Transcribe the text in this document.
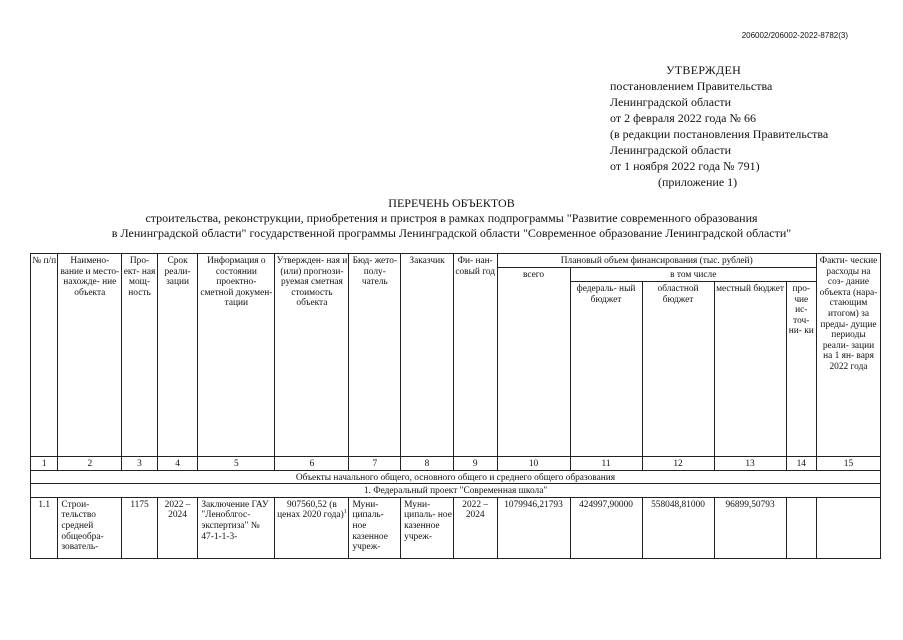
206002/206002-2022-8782(3)
УТВЕРЖДЕН
постановлением Правительства
Ленинградской области
от 2 февраля 2022 года № 66
(в редакции постановления Правительства
Ленинградской области
от 1 ноября 2022 года № 791)
(приложение 1)
ПЕРЕЧЕНЬ ОБЪЕКТОВ
строительства, реконструкции, приобретения и пристроя в рамках подпрограммы "Развитие современного образования
в Ленинградской области" государственной программы Ленинградской области "Современное образование Ленинградской области"
№ п/п	Наимено- вание и место- нахожде- ние объекта	Про- ект- ная мощ- ность	Срок реали- зации	Информация о состоянии проектно- сметной докумен- тации	Утвержден- ная и (или) прогнози- руемая сметная стоимость объекта	Бюд- жето- полу- чатель	Заказчик	Фи- нан- совый год	Плановый объем финансирования (тыс. рублей)					Факти- ческие расходы на соз- дание объекта (нара- стающим итогом) за преды- дущие периоды реали- зации на 1 ян- варя 2022 года
									всего	в том числе				
										федераль- ный бюджет	областной бюджет	местный бюджет	про- чие ис- точ- ни- ки	
1	2	3	4	5	6	7	8	9	10	11	12	13	14	15
Объекты начального общего, основного общего и среднего общего образования														
1. Федеральный проект "Современная школа"														
1.1	Строи- тельство средней общеобра- зователь-	1175	2022 – 2024	Заключение ГАУ "Леноблгос- экспертиза" № 47-1-1-3-	907560,52 (в ценах 2020 года)$^1$	Муни- ципаль- ное казенное учреж-	Муни- ципаль- ное казенное учреж-	2022 – 2024	1079946,21793	424997,90000	558048,81000	96899,50793		
